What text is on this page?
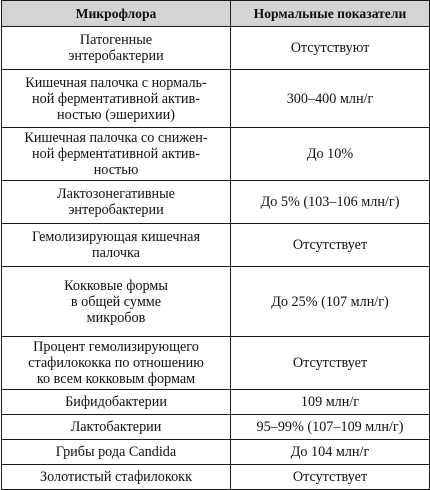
Микрофлора	Нормальные показатели
Патогенные
энтеробактерии	Отсутствуют
Кишечная палочка с нормаль-
ной ферментативной актив-
ностью (эшерихии)	300–400 млн/г
Кишечная палочка со снижен-
ной ферментативной актив-
ностью	До 10%
Лактозонегативные
энтеробактерии	До 5% (103–106 млн/г)
Гемолизирующая кишечная
палочка	Отсутствует
Кокковые формы
в общей сумме
микробов	До 25% (107 млн/г)
Процент гемолизирующего
стафилококка по отношению
ко всем кокковым формам	Отсутствует
Бифидобактерии	109 млн/г
Лактобактерии	95–99% (107–109 млн/г)
Грибы рода Candida	До 104 млн/г
Золотистый стафилококк	Отсутствует
